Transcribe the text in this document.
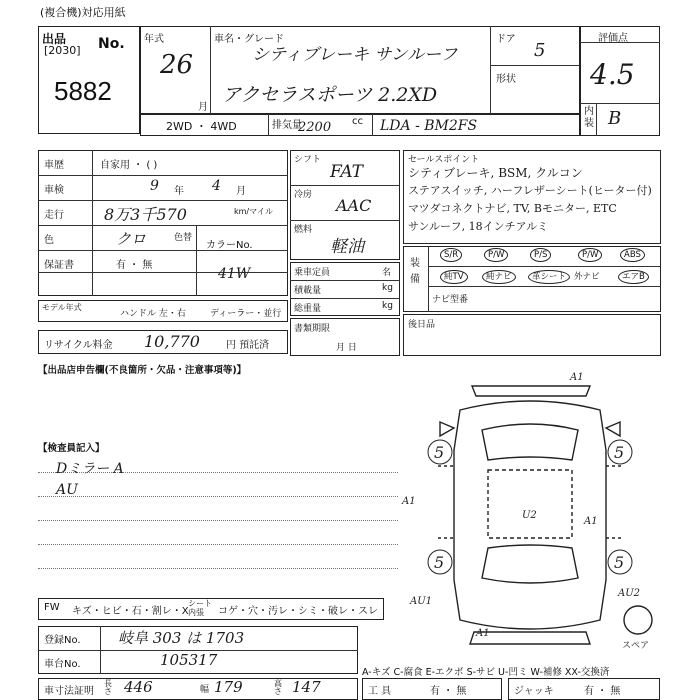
(複合機)対応用紙
出品
[2030] No.
5882
年式
26
月
車名・グレード
シティブレーキ サンルーフ
アクセラスポーツ 2.2XD
ドア
5
形状
評価点
4.5
内装 B
2WD ・ 4WD	排気量
2200 cc LDA - BM2FS
車歴	自家用 ・ ( )
車検	9 年 4 月
走行	8万3千570	km/マイル
色	クロ	色替
カラーNo.
保証書	有 ・ 無
41W
モデル年式
ハンドル 左・右	ディーラー・並行
リサイクル料金 10,770	円 預託済
シフト
FAT
冷房
AAC
燃料
軽油
乗車定員	名
積載量	kg
総重量	kg
書類期限
月 日
セールスポイント
シティブレーキ, BSM, クルコン
ステアスイッチ, ハーフレザーシート(ヒーター付)
マツダコネクトナビ, TV, Bモニター, ETC
サンルーフ, 18インチアルミ
装備
S/R	P/W	P/S	P/W	ABS
純TV	純ナビ	革シート 外ナビ	エアB
ナビ型番
後日品
【出品店申告欄(不良箇所・欠品・注意事項等)】
【検査員記入】
Dミラー A
AU
FW キズ・ヒビ・石・割レ・X
シート内張	コゲ・穴・汚レ・シミ・破レ・スレ
登録No. 岐阜 303 は 1703
車台No.	105317
車寸法証明
長さ 446	幅 179	高さ 147
A-キズ C-腐食 E-エクボ S-サビ U-凹ミ W-補修 XX-交換済
工 具	有 ・ 無	ジャッキ	有 ・ 無
A1
5	5
A1
U2
A1
5	5
AU1
AU2
A1
スペア
